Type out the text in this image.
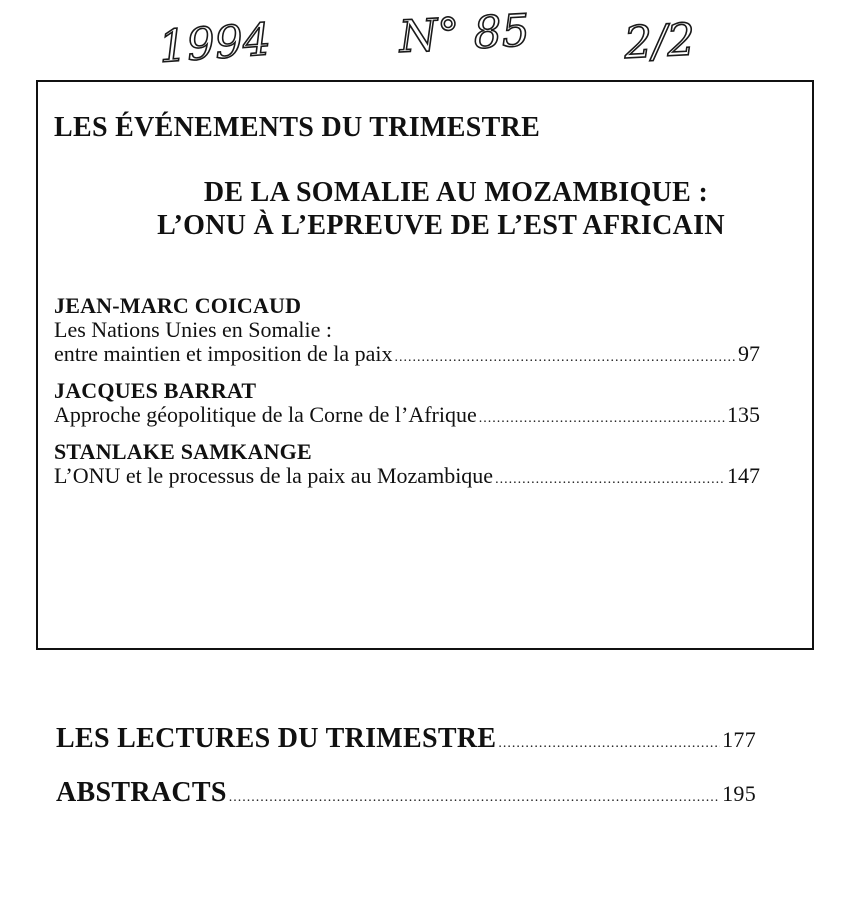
1994	N° 85 2/2
LES ÉVÉNEMENTS DU TRIMESTRE
DE LA SOMALIE AU MOZAMBIQUE :
L’ONU À L’EPREUVE DE L’EST AFRICAIN
JEAN-MARC COICAUD
Les Nations Unies en Somalie :
entre maintien et imposition de la paix .....	97
JACQUES BARRAT
Approche géopolitique de la Corne de l’Afrique .....	135
STANLAKE SAMKANGE
L’ONU et le processus de la paix au Mozambique .....	147
LES LECTURES DU TRIMESTRE .....	177
ABSTRACTS .....	195
